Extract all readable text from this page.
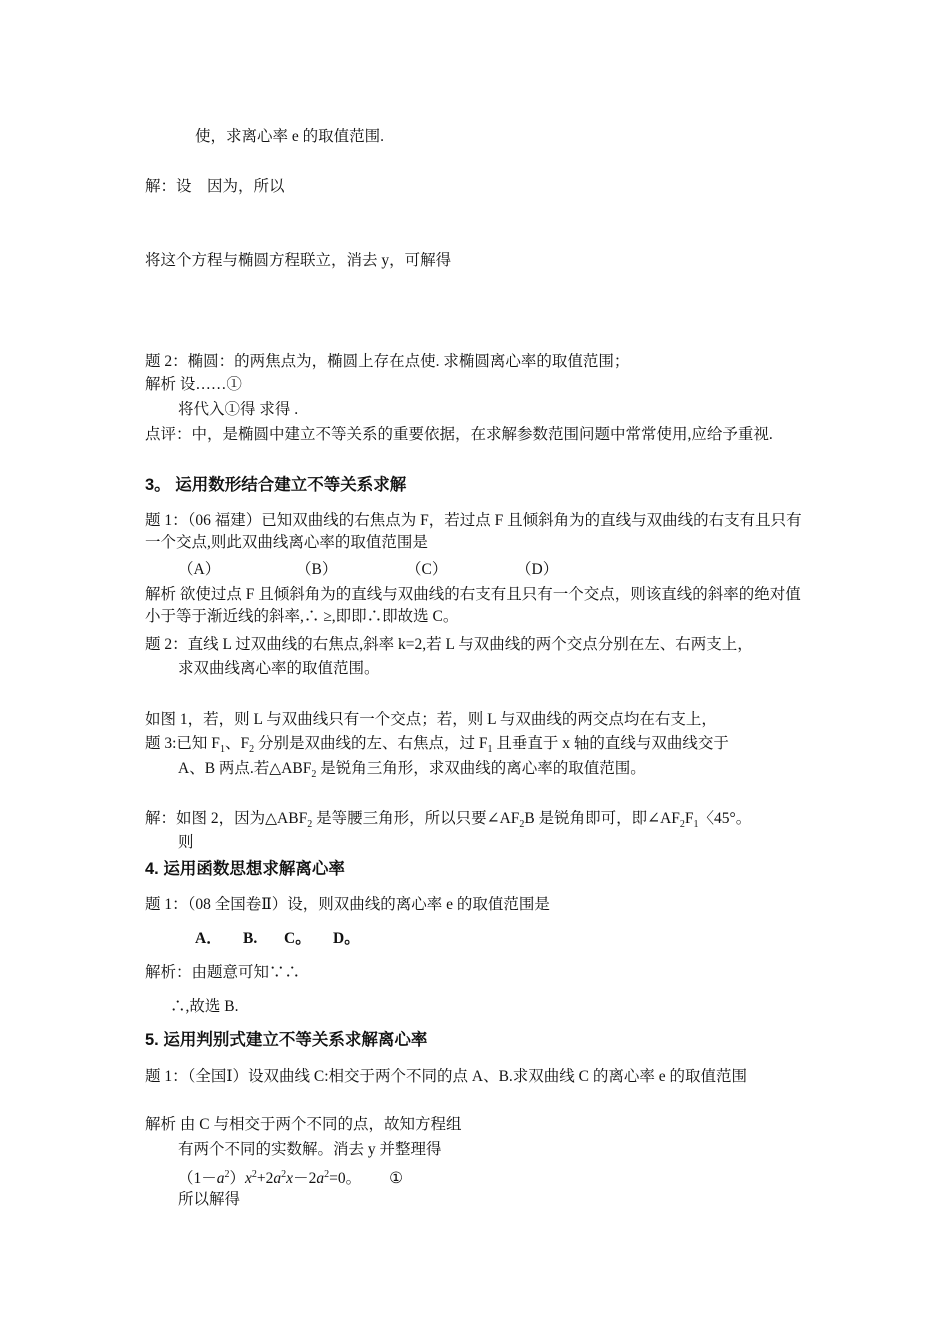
使，求离心率 e 的取值范围.
解：设　因为，所以
将这个方程与椭圆方程联立，消去 y，可解得
题 2：椭圆：的两焦点为，椭圆上存在点使. 求椭圆离心率的取值范围；
解析 设……①
将代入①得 求得 .
点评：中，是椭圆中建立不等关系的重要依据，在求解参数范围问题中常常使用,应给予重视.
3。 运用数形结合建立不等关系求解
题 1：（06 福建）已知双曲线的右焦点为 F，若过点 F 且倾斜角为的直线与双曲线的右支有且只有一个交点,则此双曲线离心率的取值范围是
（A）	（B）	（C）	（D）
解析 欲使过点 F 且倾斜角为的直线与双曲线的右支有且只有一个交点，则该直线的斜率的绝对值小于等于渐近线的斜率,∴ ≥,即即∴即故选 C。
题 2：直线 L 过双曲线的右焦点,斜率 k=2,若 L 与双曲线的两个交点分别在左、右两支上，
求双曲线离心率的取值范围。
如图 1，若，则 L 与双曲线只有一个交点；若，则 L 与双曲线的两交点均在右支上，
题 3:已知 $F_1$、$F_2$ 分别是双曲线的左、右焦点，过 $F_1$ 且垂直于 x 轴的直线与双曲线交于
A、B 两点.若$\triangle ABF_2$ 是锐角三角形，求双曲线的离心率的取值范围。
解：如图 2，因为$\triangle ABF_2$ 是等腰三角形，所以只要$\angle AF_2B$ 是锐角即可，即$\angle AF_2F_1$〈45°。
则
4. 运用函数思想求解离心率
题 1：（08 全国卷Ⅱ）设，则双曲线的离心率 e 的取值范围是
A． B. C。 D。
解析：由题意可知∵∴
∴,故选 B.
5. 运用判别式建立不等关系求解离心率
题 1：（全国Ⅰ）设双曲线 C:相交于两个不同的点 A、B.求双曲线 C 的离心率 e 的取值范围
解析 由 C 与相交于两个不同的点，故知方程组
有两个不同的实数解。消去 y 并整理得
$(1-a^2)x^2+2a^2x-2a^2=0$。 ①
所以解得
